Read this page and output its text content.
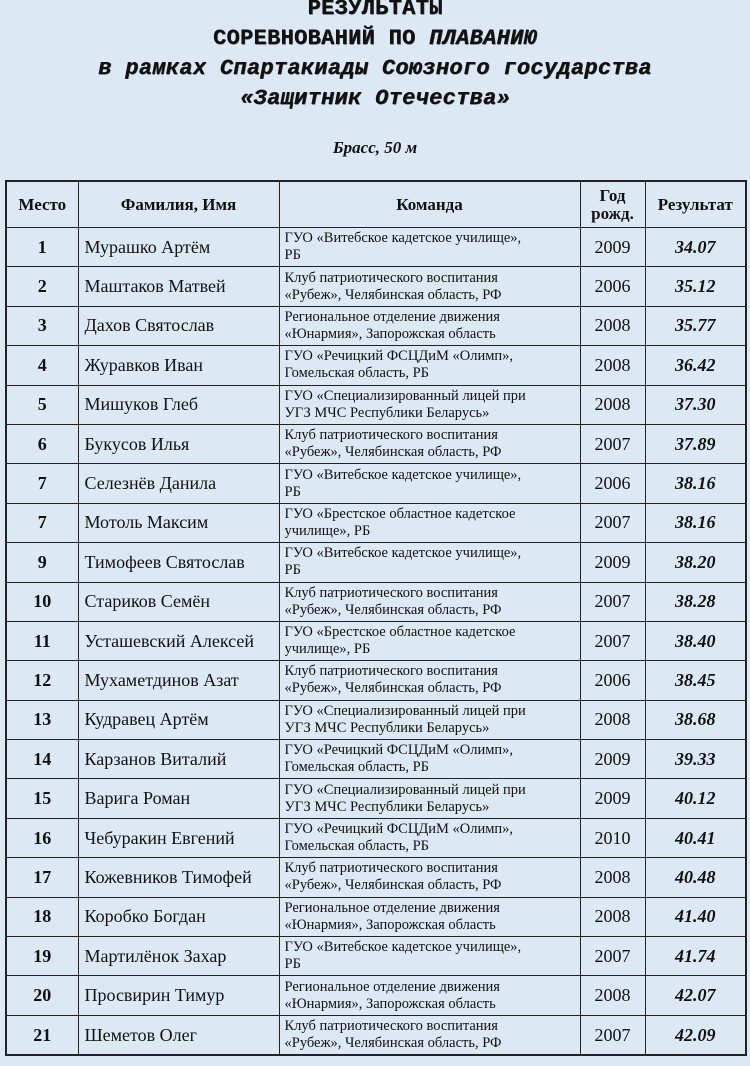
РЕЗУЛЬТАТЫ
СОРЕВНОВАНИЙ ПО ПЛАВАНИЮ
в рамках Спартакиады Союзного государства
«Защитник Отечества»
Брасс, 50 м
Место	Фамилия, Имя	Команда	Год
рожд.	Результат
1	Мурашко Артём	ГУО «Витебское кадетское училище»,
РБ	2009	34.07
2	Маштаков Матвей	Клуб патриотического воспитания
«Рубеж», Челябинская область, РФ	2006	35.12
3	Дахов Святослав	Региональное отделение движения
«Юнармия», Запорожская область	2008	35.77
4	Журавков Иван	ГУО «Речицкий ФСЦДиМ «Олимп»,
Гомельская область, РБ	2008	36.42
5	Мишуков Глеб	ГУО «Специализированный лицей при
УГЗ МЧС Республики Беларусь»	2008	37.30
6	Букусов Илья	Клуб патриотического воспитания
«Рубеж», Челябинская область, РФ	2007	37.89
7	Селезнёв Данила	ГУО «Витебское кадетское училище»,
РБ	2006	38.16
7	Мотоль Максим	ГУО «Брестское областное кадетское
училище», РБ	2007	38.16
9	Тимофеев Святослав	ГУО «Витебское кадетское училище»,
РБ	2009	38.20
10	Стариков Семён	Клуб патриотического воспитания
«Рубеж», Челябинская область, РФ	2007	38.28
11	Усташевский Алексей	ГУО «Брестское областное кадетское
училище», РБ	2007	38.40
12	Мухаметдинов Азат	Клуб патриотического воспитания
«Рубеж», Челябинская область, РФ	2006	38.45
13	Кудравец Артём	ГУО «Специализированный лицей при
УГЗ МЧС Республики Беларусь»	2008	38.68
14	Карзанов Виталий	ГУО «Речицкий ФСЦДиМ «Олимп»,
Гомельская область, РБ	2009	39.33
15	Варига Роман	ГУО «Специализированный лицей при
УГЗ МЧС Республики Беларусь»	2009	40.12
16	Чебуракин Евгений	ГУО «Речицкий ФСЦДиМ «Олимп»,
Гомельская область, РБ	2010	40.41
17	Кожевников Тимофей	Клуб патриотического воспитания
«Рубеж», Челябинская область, РФ	2008	40.48
18	Коробко Богдан	Региональное отделение движения
«Юнармия», Запорожская область	2008	41.40
19	Мартилёнок Захар	ГУО «Витебское кадетское училище»,
РБ	2007	41.74
20	Просвирин Тимур	Региональное отделение движения
«Юнармия», Запорожская область	2008	42.07
21	Шеметов Олег	Клуб патриотического воспитания
«Рубеж», Челябинская область, РФ	2007	42.09
